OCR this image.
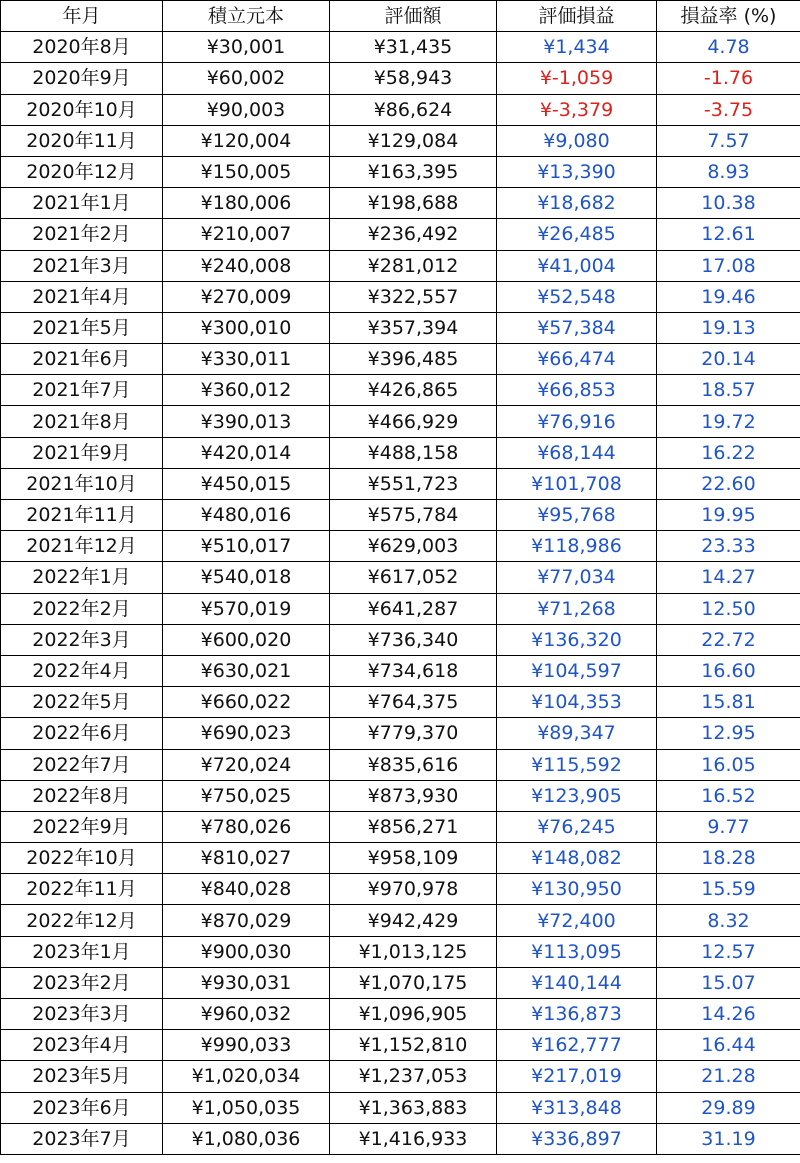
年月	積立元本	評価額	評価損益	損益率 (%)
2020年8月	¥30,001	¥31,435	¥1,434	4.78
2020年9月	¥60,002	¥58,943	¥-1,059	-1.76
2020年10月	¥90,003	¥86,624	¥-3,379	-3.75
2020年11月	¥120,004	¥129,084	¥9,080	7.57
2020年12月	¥150,005	¥163,395	¥13,390	8.93
2021年1月	¥180,006	¥198,688	¥18,682	10.38
2021年2月	¥210,007	¥236,492	¥26,485	12.61
2021年3月	¥240,008	¥281,012	¥41,004	17.08
2021年4月	¥270,009	¥322,557	¥52,548	19.46
2021年5月	¥300,010	¥357,394	¥57,384	19.13
2021年6月	¥330,011	¥396,485	¥66,474	20.14
2021年7月	¥360,012	¥426,865	¥66,853	18.57
2021年8月	¥390,013	¥466,929	¥76,916	19.72
2021年9月	¥420,014	¥488,158	¥68,144	16.22
2021年10月	¥450,015	¥551,723	¥101,708	22.60
2021年11月	¥480,016	¥575,784	¥95,768	19.95
2021年12月	¥510,017	¥629,003	¥118,986	23.33
2022年1月	¥540,018	¥617,052	¥77,034	14.27
2022年2月	¥570,019	¥641,287	¥71,268	12.50
2022年3月	¥600,020	¥736,340	¥136,320	22.72
2022年4月	¥630,021	¥734,618	¥104,597	16.60
2022年5月	¥660,022	¥764,375	¥104,353	15.81
2022年6月	¥690,023	¥779,370	¥89,347	12.95
2022年7月	¥720,024	¥835,616	¥115,592	16.05
2022年8月	¥750,025	¥873,930	¥123,905	16.52
2022年9月	¥780,026	¥856,271	¥76,245	9.77
2022年10月	¥810,027	¥958,109	¥148,082	18.28
2022年11月	¥840,028	¥970,978	¥130,950	15.59
2022年12月	¥870,029	¥942,429	¥72,400	8.32
2023年1月	¥900,030	¥1,013,125	¥113,095	12.57
2023年2月	¥930,031	¥1,070,175	¥140,144	15.07
2023年3月	¥960,032	¥1,096,905	¥136,873	14.26
2023年4月	¥990,033	¥1,152,810	¥162,777	16.44
2023年5月	¥1,020,034	¥1,237,053	¥217,019	21.28
2023年6月	¥1,050,035	¥1,363,883	¥313,848	29.89
2023年7月	¥1,080,036	¥1,416,933	¥336,897	31.19
